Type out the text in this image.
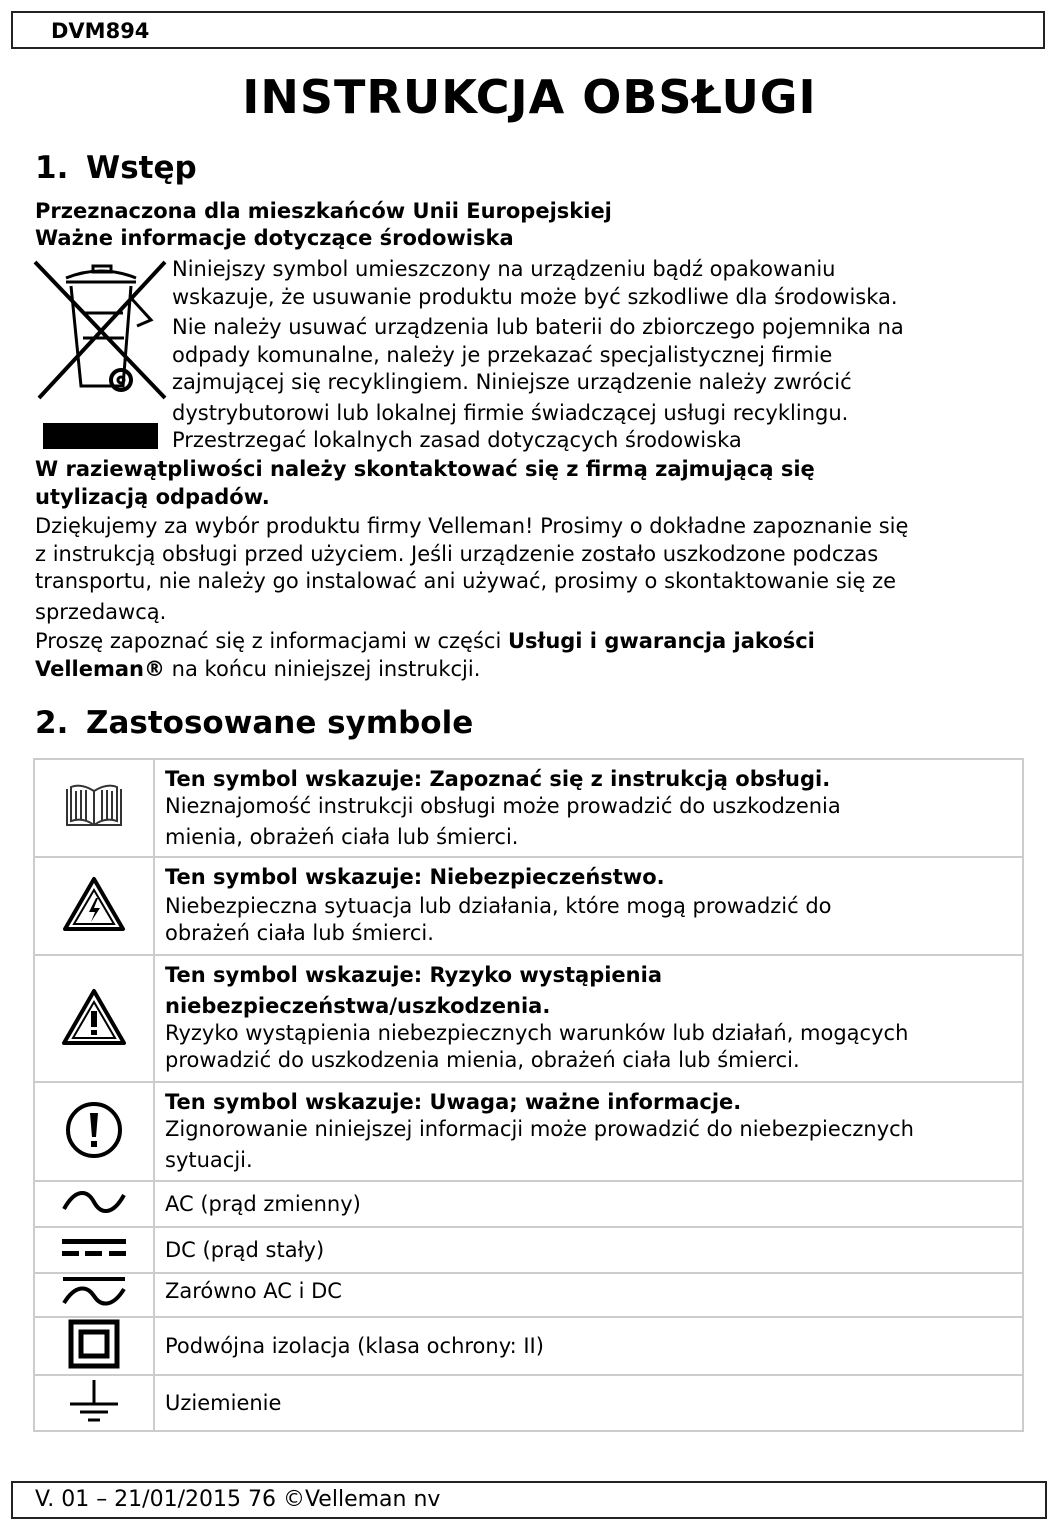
DVM894
INSTRUKCJA OBSŁUGI
1. Wstęp
Przeznaczona dla mieszkańców Unii Europejskiej
Ważne informacje dotyczące środowiska
Niniejszy symbol umieszczony na urządzeniu bądź opakowaniu
wskazuje, że usuwanie produktu może być szkodliwe dla środowiska.
Nie należy usuwać urządzenia lub baterii do zbiorczego pojemnika na
odpady komunalne, należy je przekazać specjalistycznej firmie
zajmującej się recyklingiem. Niniejsze urządzenie należy zwrócić
dystrybutorowi lub lokalnej firmie świadczącej usługi recyklingu.
Przestrzegać lokalnych zasad dotyczących środowiska
W raziewątpliwości należy skontaktować się z firmą zajmującą się
utylizacją odpadów.
Dziękujemy za wybór produktu firmy Velleman! Prosimy o dokładne zapoznanie się
z instrukcją obsługi przed użyciem. Jeśli urządzenie zostało uszkodzone podczas
transportu, nie należy go instalować ani używać, prosimy o skontaktowanie się ze
sprzedawcą.
Proszę zapoznać się z informacjami w części Usługi i gwarancja jakości
Velleman® na końcu niniejszej instrukcji.
2. Zastosowane symbole

Ten symbol wskazuje: Zapoznać się z instrukcją obsługi.
Nieznajomość instrukcji obsługi może prowadzić do uszkodzenia
mienia, obrażeń ciała lub śmierci.

Ten symbol wskazuje: Niebezpieczeństwo.
Niebezpieczna sytuacja lub działania, które mogą prowadzić do
obrażeń ciała lub śmierci.

Ten symbol wskazuje: Ryzyko wystąpienia
niebezpieczeństwa/uszkodzenia.
Ryzyko wystąpienia niebezpiecznych warunków lub działań, mogących
prowadzić do uszkodzenia mienia, obrażeń ciała lub śmierci.

Ten symbol wskazuje: Uwaga; ważne informacje.
Zignorowanie niniejszej informacji może prowadzić do niebezpiecznych
sytuacji.

	AC (prąd zmienny)
	DC (prąd stały)
	Zarówno AC i DC
	Podwójna izolacja (klasa ochrony: II)
	Uziemienie
V. 01 – 21/01/2015 76 ©Velleman nv
